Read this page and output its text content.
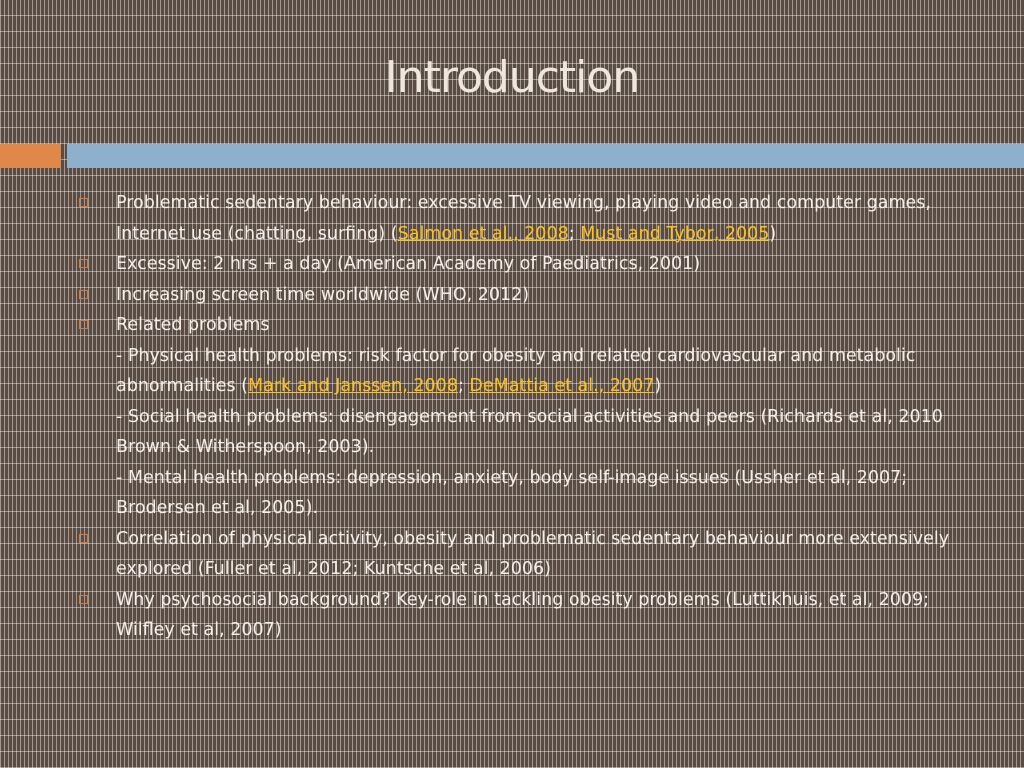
Introduction
Problematic sedentary behaviour: excessive TV viewing, playing video and computer games, Internet use (chatting, surfing) (Salmon et al., 2008; Must and Tybor, 2005)
Excessive: 2 hrs + a day (American Academy of Paediatrics, 2001)
Increasing screen time worldwide (WHO, 2012)
Related problems
- Physical health problems: risk factor for obesity and related cardiovascular and metabolic abnormalities (Mark and Janssen, 2008; DeMattia et al., 2007)
- Social health problems: disengagement from social activities and peers (Richards et al, 2010 Brown & Witherspoon, 2003).
- Mental health problems: depression, anxiety, body self-image issues (Ussher et al, 2007; Brodersen et al, 2005).
Correlation of physical activity, obesity and problematic sedentary behaviour more extensively explored (Fuller et al, 2012; Kuntsche et al, 2006)
Why psychosocial background? Key-role in tackling obesity problems (Luttikhuis, et al, 2009; Wilfley et al, 2007)
